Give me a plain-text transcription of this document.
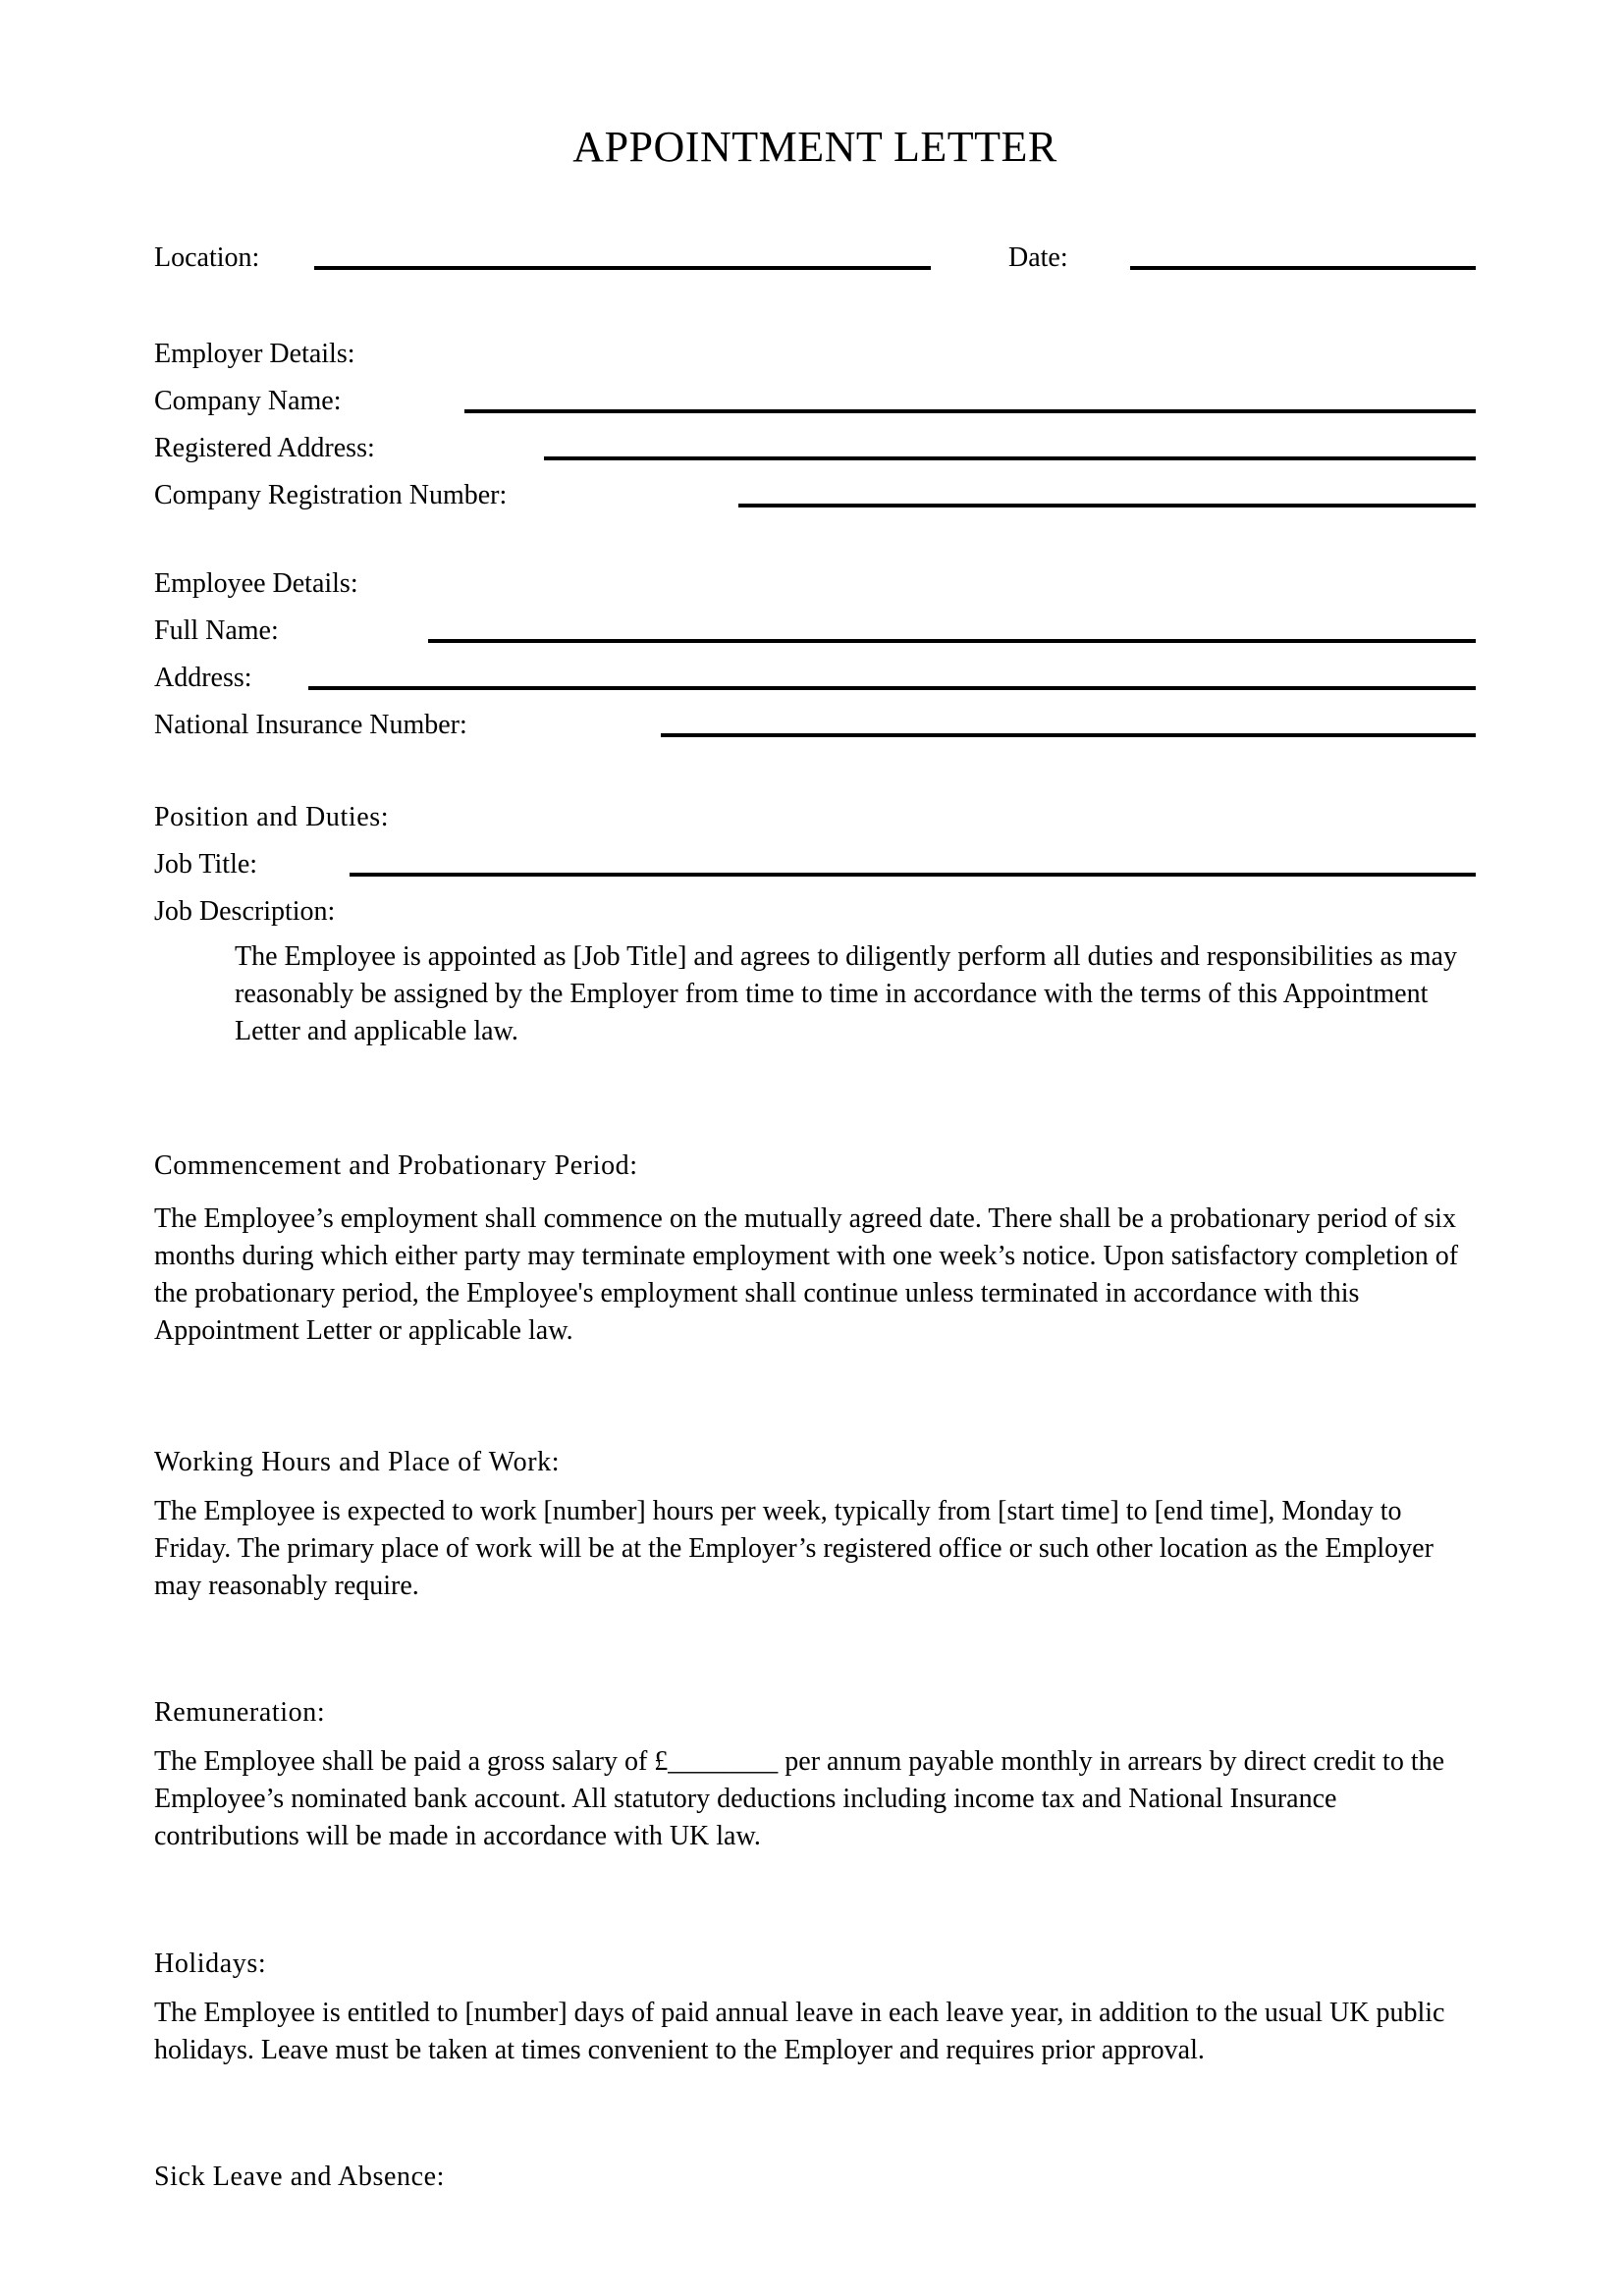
APPOINTMENT LETTER
Location:	Date:
Employer Details:
Company Name:
Registered Address:
Company Registration Number:
Employee Details:
Full Name:
Address:
National Insurance Number:
Position and Duties:
Job Title:
Job Description:

The Employee is appointed as [Job Title] and agrees to diligently perform all duties and responsibilities as may reasonably be assigned by the Employer from time to time in accordance with the terms of this Appointment Letter and applicable law.

Commencement and Probationary Period:

The Employee’s employment shall commence on the mutually agreed date. There shall be a probationary period of six months during which either party may terminate employment with one week’s notice. Upon satisfactory completion of the probationary period, the Employee's employment shall continue unless terminated in accordance with this Appointment Letter or applicable law.

Working Hours and Place of Work:

The Employee is expected to work [number] hours per week, typically from [start time] to [end time], Monday to Friday. The primary place of work will be at the Employer’s registered office or such other location as the Employer may reasonably require.

Remuneration:

The Employee shall be paid a gross salary of £________ per annum payable monthly in arrears by direct credit to the Employee’s nominated bank account. All statutory deductions including income tax and National Insurance contributions will be made in accordance with UK law.

Holidays:

The Employee is entitled to [number] days of paid annual leave in each leave year, in addition to the usual UK public holidays. Leave must be taken at times convenient to the Employer and requires prior approval.

Sick Leave and Absence:
